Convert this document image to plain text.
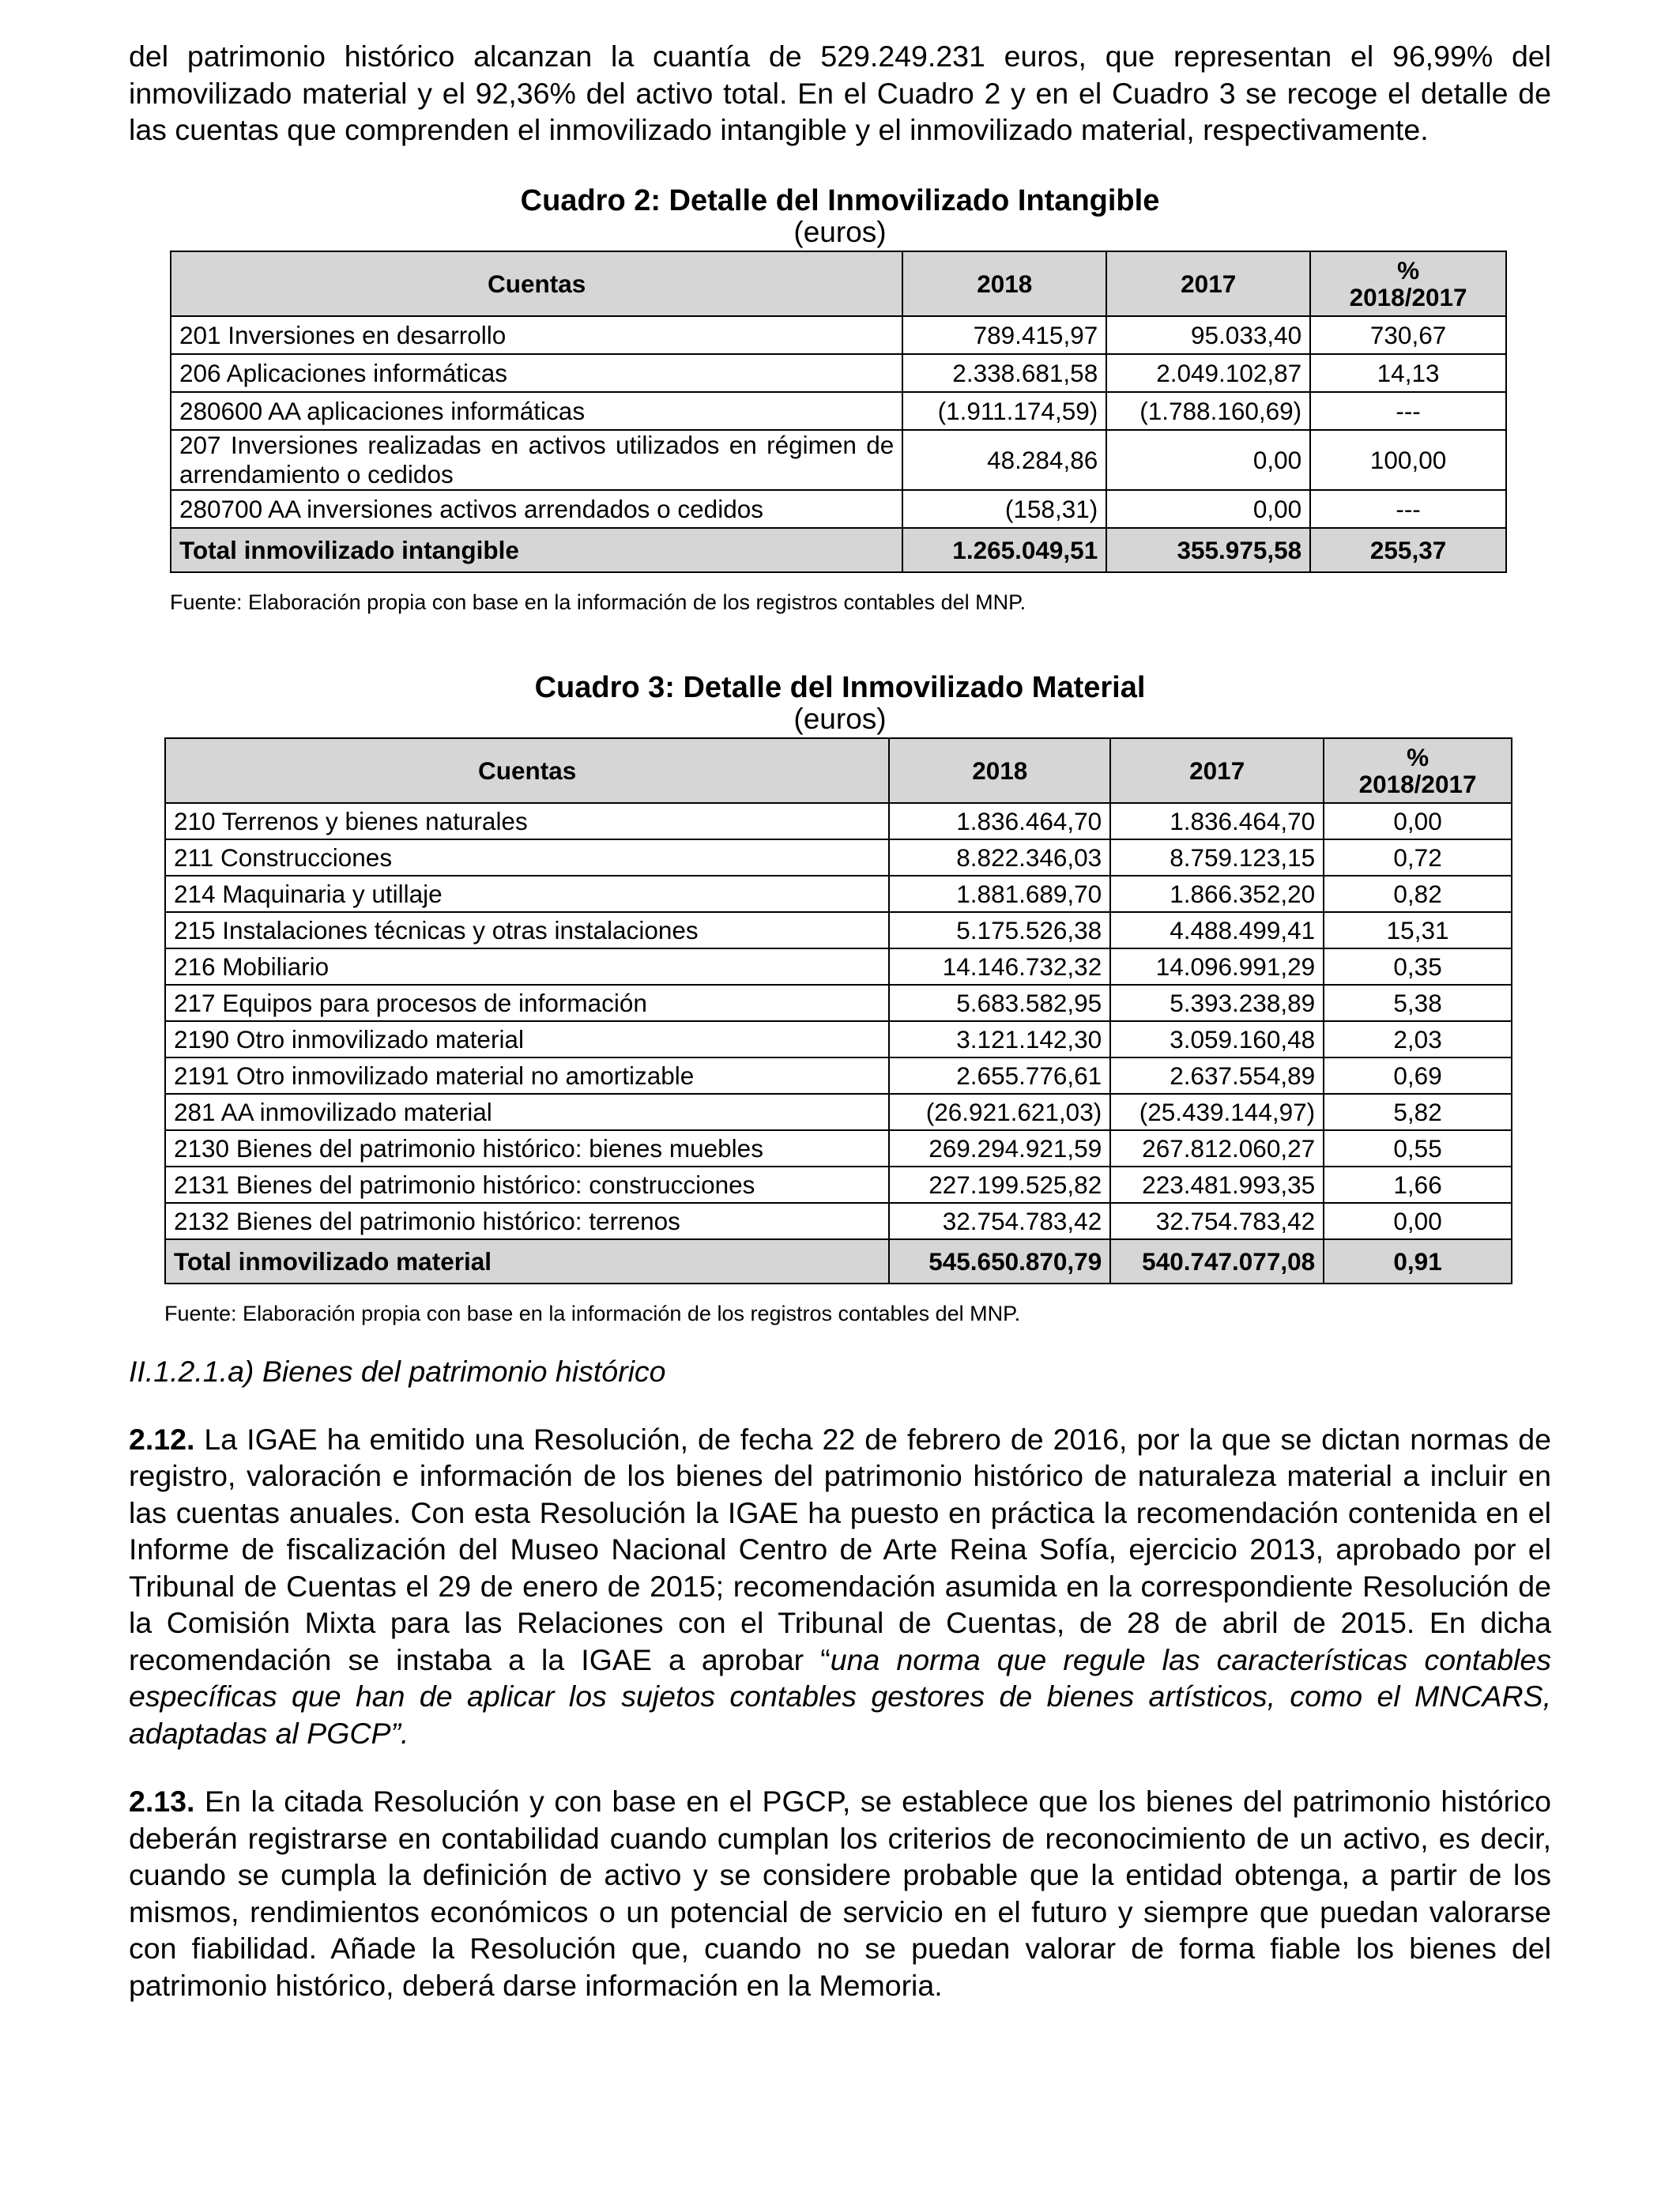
del patrimonio histórico alcanzan la cuantía de 529.249.231 euros, que representan el 96,99% del inmovilizado material y el 92,36% del activo total. En el Cuadro 2 y en el Cuadro 3 se recoge el detalle de las cuentas que comprenden el inmovilizado intangible y el inmovilizado material, respectivamente.

Cuadro 2: Detalle del Inmovilizado Intangible
(euros)
Cuentas	2018	2017	%
2018/2017
201 Inversiones en desarrollo	789.415,97	95.033,40	730,67
206 Aplicaciones informáticas	2.338.681,58	2.049.102,87	14,13
280600 AA aplicaciones informáticas	(1.911.174,59)	(1.788.160,69)	---
207 Inversiones realizadas en activos utilizados en régimen de arrendamiento o cedidos	48.284,86	0,00	100,00
280700 AA inversiones activos arrendados o cedidos	(158,31)	0,00	---
Total inmovilizado intangible	1.265.049,51	355.975,58	255,37

Fuente: Elaboración propia con base en la información de los registros contables del MNP.

Cuadro 3: Detalle del Inmovilizado Material
(euros)
Cuentas	2018	2017	%
2018/2017
210 Terrenos y bienes naturales	1.836.464,70	1.836.464,70	0,00
211 Construcciones	8.822.346,03	8.759.123,15	0,72
214 Maquinaria y utillaje	1.881.689,70	1.866.352,20	0,82
215 Instalaciones técnicas y otras instalaciones	5.175.526,38	4.488.499,41	15,31
216 Mobiliario	14.146.732,32	14.096.991,29	0,35
217 Equipos para procesos de información	5.683.582,95	5.393.238,89	5,38
2190 Otro inmovilizado material	3.121.142,30	3.059.160,48	2,03
2191 Otro inmovilizado material no amortizable	2.655.776,61	2.637.554,89	0,69
281 AA inmovilizado material	(26.921.621,03)	(25.439.144,97)	5,82
2130 Bienes del patrimonio histórico: bienes muebles	269.294.921,59	267.812.060,27	0,55
2131 Bienes del patrimonio histórico: construcciones	227.199.525,82	223.481.993,35	1,66
2132 Bienes del patrimonio histórico: terrenos	32.754.783,42	32.754.783,42	0,00
Total inmovilizado material	545.650.870,79	540.747.077,08	0,91

Fuente: Elaboración propia con base en la información de los registros contables del MNP.

II.1.2.1.a) Bienes del patrimonio histórico

2.12. La IGAE ha emitido una Resolución, de fecha 22 de febrero de 2016, por la que se dictan normas de registro, valoración e información de los bienes del patrimonio histórico de naturaleza material a incluir en las cuentas anuales. Con esta Resolución la IGAE ha puesto en práctica la recomendación contenida en el Informe de fiscalización del Museo Nacional Centro de Arte Reina Sofía, ejercicio 2013, aprobado por el Tribunal de Cuentas el 29 de enero de 2015; recomendación asumida en la correspondiente Resolución de la Comisión Mixta para las Relaciones con el Tribunal de Cuentas, de 28 de abril de 2015. En dicha recomendación se instaba a la IGAE a aprobar “una norma que regule las características contables específicas que han de aplicar los sujetos contables gestores de bienes artísticos, como el MNCARS, adaptadas al PGCP”.

2.13. En la citada Resolución y con base en el PGCP, se establece que los bienes del patrimonio histórico deberán registrarse en contabilidad cuando cumplan los criterios de reconocimiento de un activo, es decir, cuando se cumpla la definición de activo y se considere probable que la entidad obtenga, a partir de los mismos, rendimientos económicos o un potencial de servicio en el futuro y siempre que puedan valorarse con fiabilidad. Añade la Resolución que, cuando no se puedan valorar de forma fiable los bienes del patrimonio histórico, deberá darse información en la Memoria.
